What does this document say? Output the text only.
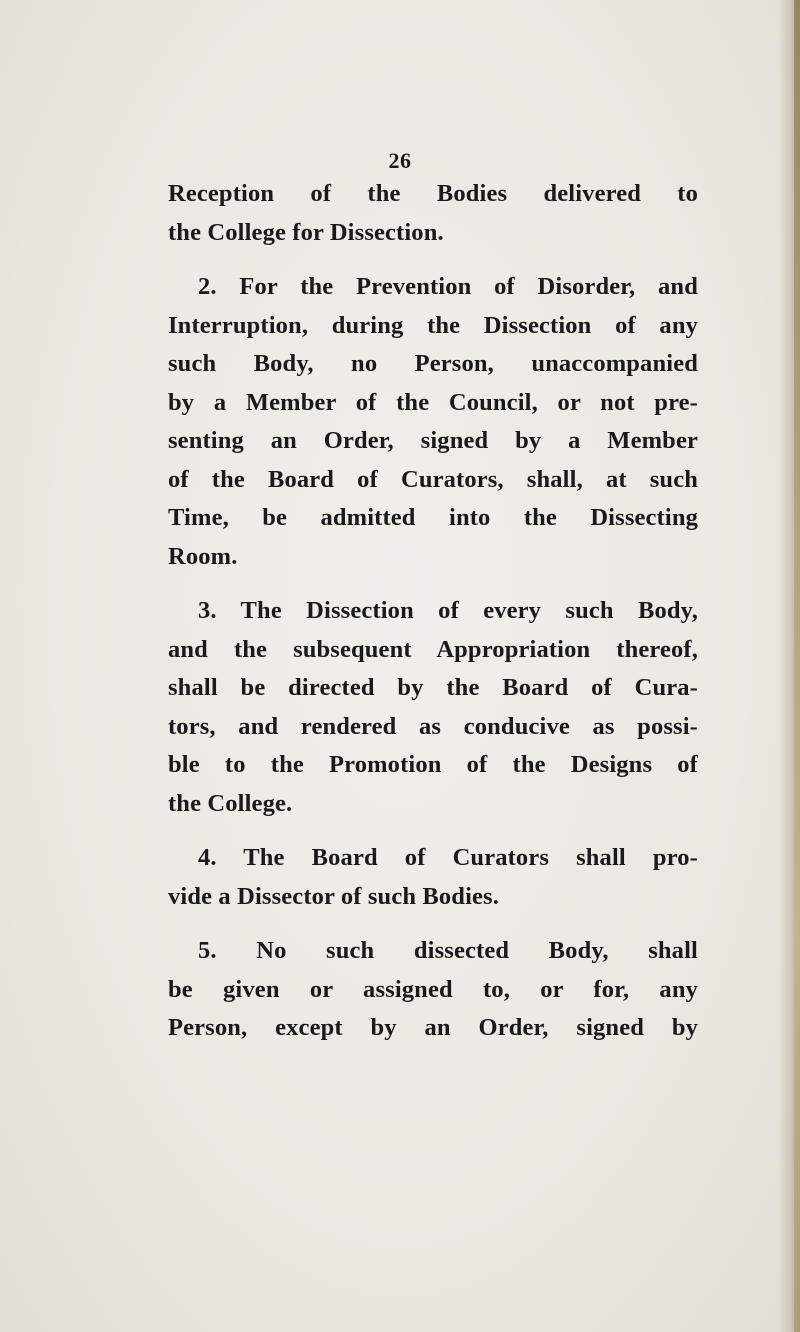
26
Reception of the Bodies delivered to
the College for Dissection.
2. For the Prevention of Disorder, and
Interruption, during the Dissection of any
such Body, no Person, unaccompanied
by a Member of the Council, or not pre-
senting an Order, signed by a Member
of the Board of Curators, shall, at such
Time, be admitted into the Dissecting
Room.
3. The Dissection of every such Body,
and the subsequent Appropriation thereof,
shall be directed by the Board of Cura-
tors, and rendered as conducive as possi-
ble to the Promotion of the Designs of
the College.
4. The Board of Curators shall pro-
vide a Dissector of such Bodies.
5. No such dissected Body, shall
be given or assigned to, or for, any
Person, except by an Order, signed by
